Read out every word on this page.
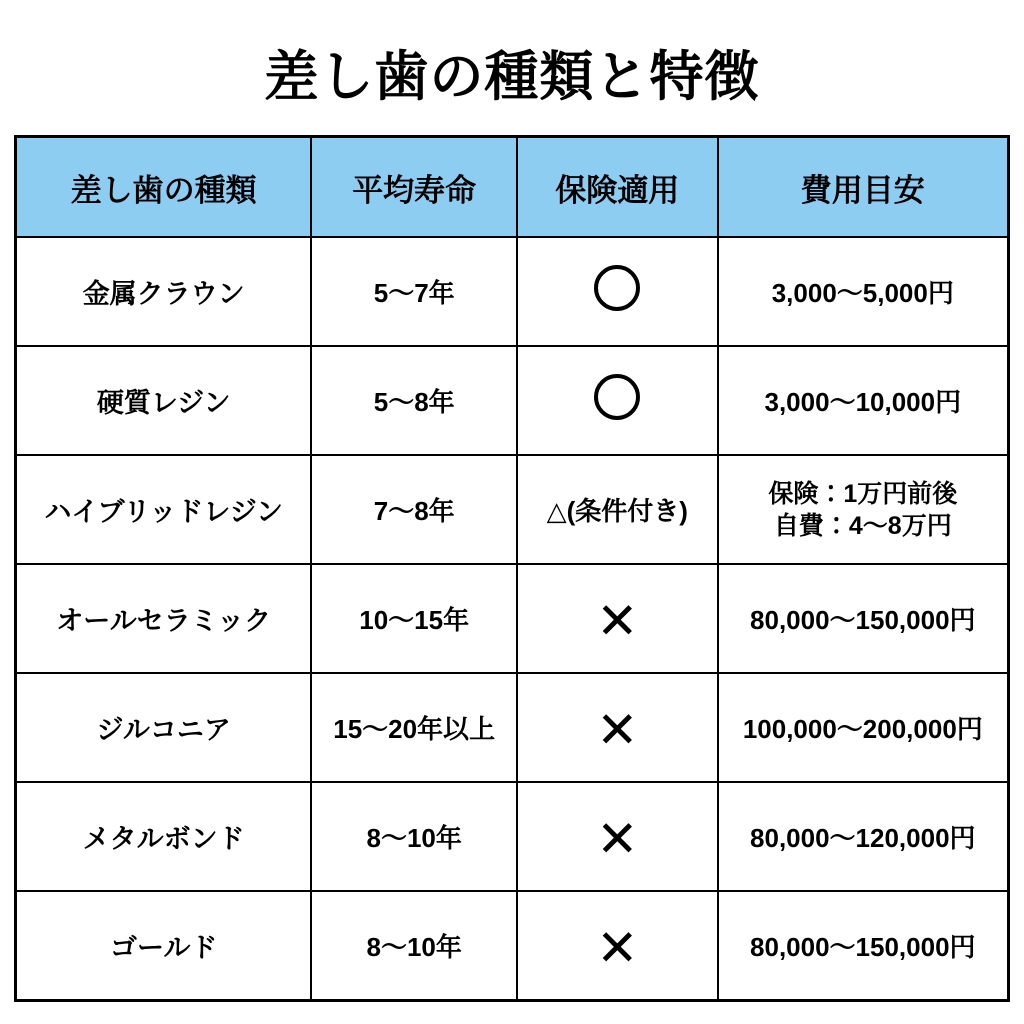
差し歯の種類と特徴
差し歯の種類	平均寿命	保険適用	費用目安
金属クラウン	5〜7年		3,000〜5,000円
硬質レジン	5〜8年		3,000〜10,000円
ハイブリッドレジン	7〜8年	△(条件付き)	保険：1万円前後
自費：4〜8万円

オールセラミック	10〜15年	✕	80,000〜150,000円
ジルコニア	15〜20年以上	✕	100,000〜200,000円
メタルボンド	8〜10年	✕	80,000〜120,000円
ゴールド	8〜10年	✕	80,000〜150,000円
